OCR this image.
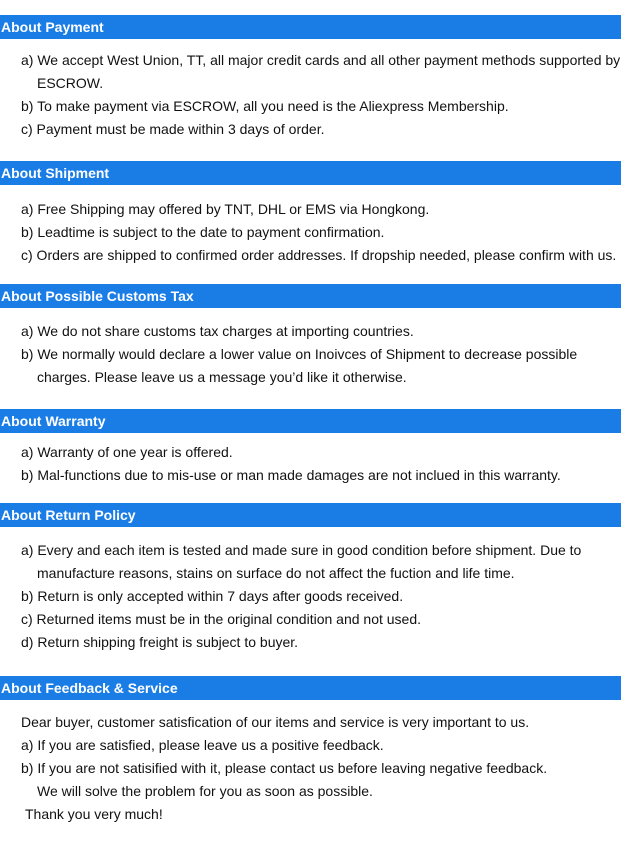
About Payment
a) We accept West Union, TT, all major credit cards and all other payment methods supported by
ESCROW.
b) To make payment via ESCROW, all you need is the Aliexpress Membership.
c) Payment must be made within 3 days of order.
About Shipment
a) Free Shipping may offered by TNT, DHL or EMS via Hongkong.
b) Leadtime is subject to the date to payment confirmation.
c) Orders are shipped to confirmed order addresses. If dropship needed, please confirm with us.
About Possible Customs Tax
a) We do not share customs tax charges at importing countries.
b) We normally would declare a lower value on Inoivces of Shipment to decrease possible
charges. Please leave us a message you’d like it otherwise.
About Warranty
a) Warranty of one year is offered.
b) Mal-functions due to mis-use or man made damages are not inclued in this warranty.
About Return Policy
a) Every and each item is tested and made sure in good condition before shipment. Due to
manufacture reasons, stains on surface do not affect the fuction and life time.
b) Return is only accepted within 7 days after goods received.
c) Returned items must be in the original condition and not used.
d) Return shipping freight is subject to buyer.
About Feedback & Service
Dear buyer, customer satisfication of our items and service is very important to us.
a) If you are satisfied, please leave us a positive feedback.
b) If you are not satisified with it, please contact us before leaving negative feedback.
We will solve the problem for you as soon as possible.
Thank you very much!
